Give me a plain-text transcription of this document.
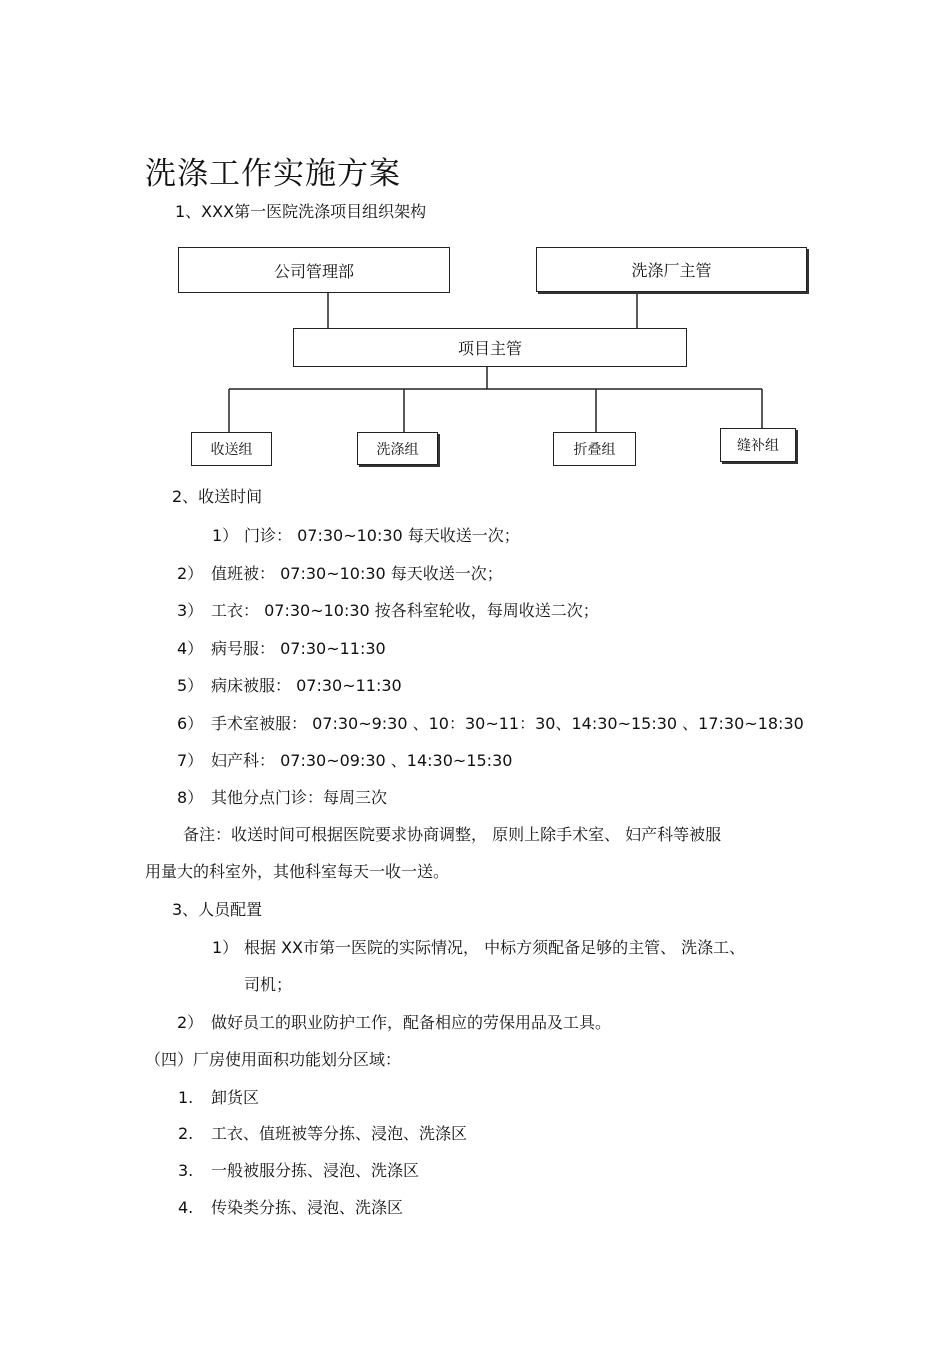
洗涤工作实施方案
1、XXX第一医院洗涤项目组织架构
公司管理部	洗涤厂主管
项目主管
收送组	洗涤组	折叠组	缝补组
2、收送时间
1） 门诊： 07:30~10:30 每天收送一次；
2） 值班被： 07:30~10:30 每天收送一次；
3） 工衣： 07:30~10:30 按各科室轮收，每周收送二次；
4） 病号服： 07:30~11:30
5） 病床被服： 07:30~11:30
6） 手术室被服： 07:30~9:30 、10：30~11：30、14:30~15:30 、17:30~18:30
7） 妇产科： 07:30~09:30 、14:30~15:30
8） 其他分点门诊：每周三次
备注：收送时间可根据医院要求协商调整， 原则上除手术室、 妇产科等被服
用量大的科室外，其他科室每天一收一送。
3、人员配置
1） 根据 XX市第一医院的实际情况， 中标方须配备足够的主管、 洗涤工、
司机；
2） 做好员工的职业防护工作，配备相应的劳保用品及工具。
（四）厂房使用面积功能划分区域：
1. 卸货区
2. 工衣、值班被等分拣、浸泡、洗涤区
3. 一般被服分拣、浸泡、洗涤区
4. 传染类分拣、浸泡、洗涤区
